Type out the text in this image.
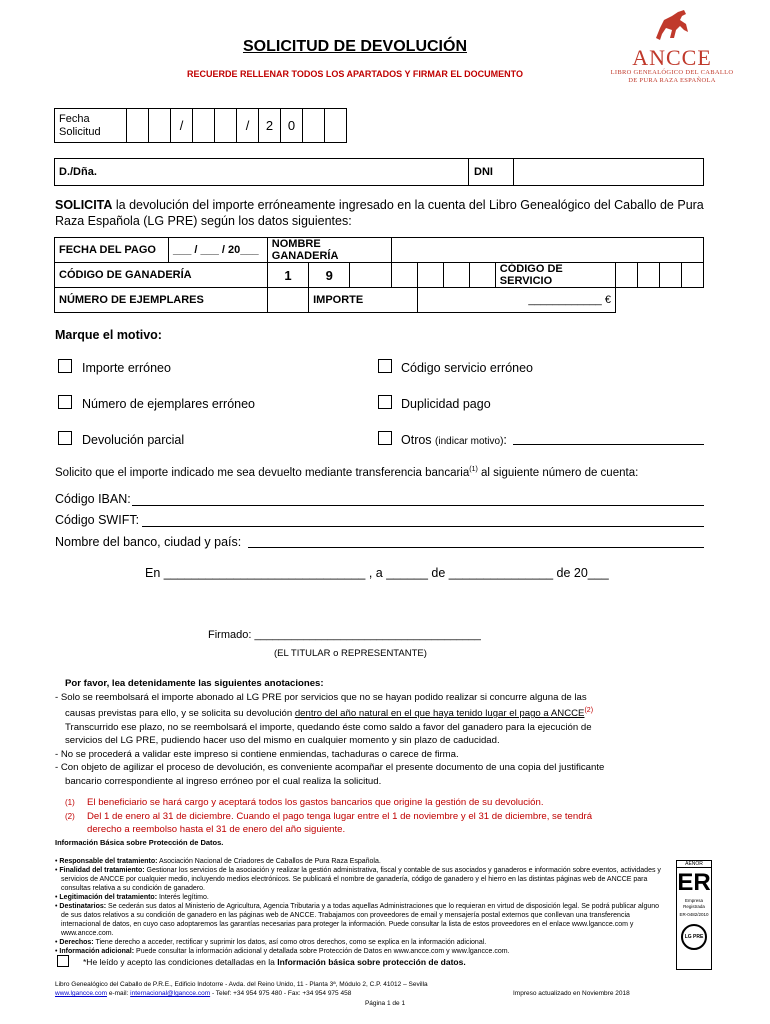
SOLICITUD DE DEVOLUCIÓN
RECUERDE RELLENAR TODOS LOS APARTADOS Y FIRMAR EL DOCUMENTO
ANCCE
LIBRO GENEALÓGICO DEL CABALLO
DE PURA RAZA ESPAÑOLA
Fecha
Solicitud			/			/	2	0		
D./Dña.	DNI
SOLICITA la devolución del importe erróneamente ingresado en la cuenta del Libro Genealógico del Caballo de Pura Raza Española (LG PRE) según los datos siguientes:
FECHA DEL PAGO	___ / ___ / 20___	NOMBRE GANADERÍA											
CÓDIGO DE GANADERÍA		1	9						CÓDIGO DE SERVICIO				
NÚMERO DE EJEMPLARES			IMPORTE			____________ €							
Marque el motivo:
Importe erróneo	Código servicio erróneo
Número de ejemplares erróneo	Duplicidad pago
Devolución parcial	Otros (indicar motivo):
Solicito que el importe indicado me sea devuelto mediante transferencia bancaria$^{(1)}$ al siguiente número de cuenta:
Código IBAN:
Código SWIFT:
Nombre del banco, ciudad y país:
En _____________________________ , a ______ de _______________ de 20___
Firmado: _____________________________________
(EL TITULAR o REPRESENTANTE)
Por favor, lea detenidamente las siguientes anotaciones:
- Solo se reembolsará el importe abonado al LG PRE por servicios que no se hayan podido realizar si concurre alguna de las
causas previstas para ello, y se solicita su devolución dentro del año natural en el que haya tenido lugar el pago a ANCCE$^{(2)}$
Transcurrido ese plazo, no se reembolsará el importe, quedando éste como saldo a favor del ganadero para la ejecución de
servicios del LG PRE, pudiendo hacer uso del mismo en cualquier momento y sin plazo de caducidad.
- No se procederá a validar este impreso si contiene enmiendas, tachaduras o carece de firma.
- Con objeto de agilizar el proceso de devolución, es conveniente acompañar el presente documento de una copia del justificante
bancario correspondiente al ingreso erróneo por el cual realiza la solicitud.
(1) El beneficiario se hará cargo y aceptará todos los gastos bancarios que origine la gestión de su devolución.
(2) Del 1 de enero al 31 de diciembre. Cuando el pago tenga lugar entre el 1 de noviembre y el 31 de diciembre, se tendrá
derecho a reembolso hasta el 31 de enero del año siguiente.
Información Básica sobre Protección de Datos.
• Responsable del tratamiento: Asociación Nacional de Criadores de Caballos de Pura Raza Española.
• Finalidad del tratamiento: Gestionar los servicios de la asociación y realizar la gestión administrativa, fiscal y contable de sus asociados y ganaderos e información sobre eventos, actividades y servicios de ANCCE por cualquier medio, incluyendo medios electrónicos. Se publicará el nombre de ganadería, código de ganadero y el hierro en las distintas páginas web de ANCCE para consultas relativa a su condición de ganadero.
• Legitimación del tratamiento: Interés legítimo.
• Destinatarios: Se cederán sus datos al Ministerio de Agricultura, Agencia Tributaria y a todas aquellas Administraciones que lo requieran en virtud de disposición legal. Se podrá publicar alguno de sus datos relativos a su condición de ganadero en las páginas web de ANCCE. Trabajamos con proveedores de email y mensajería postal externos que conllevan una transferencia internacional de datos, en cuyo caso adoptaremos las garantías necesarias para proteger la información. Puede consultar la lista de estos proveedores en el enlace www.lgancce.com y www.ancce.com.
• Derechos: Tiene derecho a acceder, rectificar y suprimir los datos, así como otros derechos, como se explica en la información adicional.
• Información adicional: Puede consultar la información adicional y detallada sobre Protección de Datos en www.ancce.com y www.lgancce.com.
*He leído y acepto las condiciones detalladas en la Información básica sobre protección de datos.
AENOR
ER
Empresa Registrada
ER-0482/2010
LG PRE
Libro Genealógico del Caballo de P.R.E., Edificio Indotorre - Avda. del Reino Unido, 11 - Planta 3ª, Módulo 2, C.P. 41012 – Sevilla
www.lgancce.com e-mail: internacional@lgancce.com - Telef: +34 954 975 480 - Fax: +34 954 975 458	Impreso actualizado en Noviembre 2018
Página 1 de 1
